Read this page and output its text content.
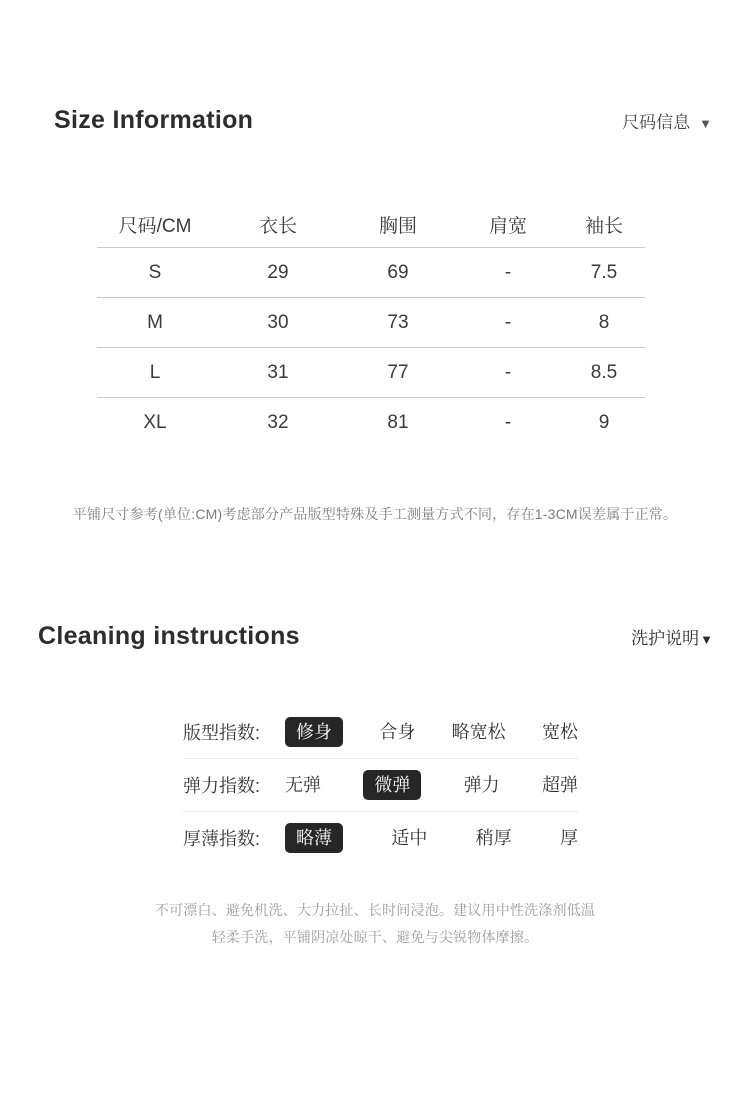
Size Information	尺码信息 ▼
尺码/CM	衣长	胸围	肩宽	袖长
S	29	69	-	7.5
M	30	73	-	8
L	31	77	-	8.5
XL	32	81	-	9
平铺尺寸参考(单位:CM)考虑部分产品版型特殊及手工测量方式不同，存在1-3CM误差属于正常。
Cleaning instructions	洗护说明▼
版型指数:	修身	合身 略宽松 宽松
弹力指数:	无弹	微弹	弹力 超弹
厚薄指数:	略薄	适中	稍厚	厚
不可漂白、避免机洗、大力拉扯、长时间浸泡。建议用中性洗涤剂低温
轻柔手洗，平铺阴凉处晾干、避免与尖锐物体摩擦。
